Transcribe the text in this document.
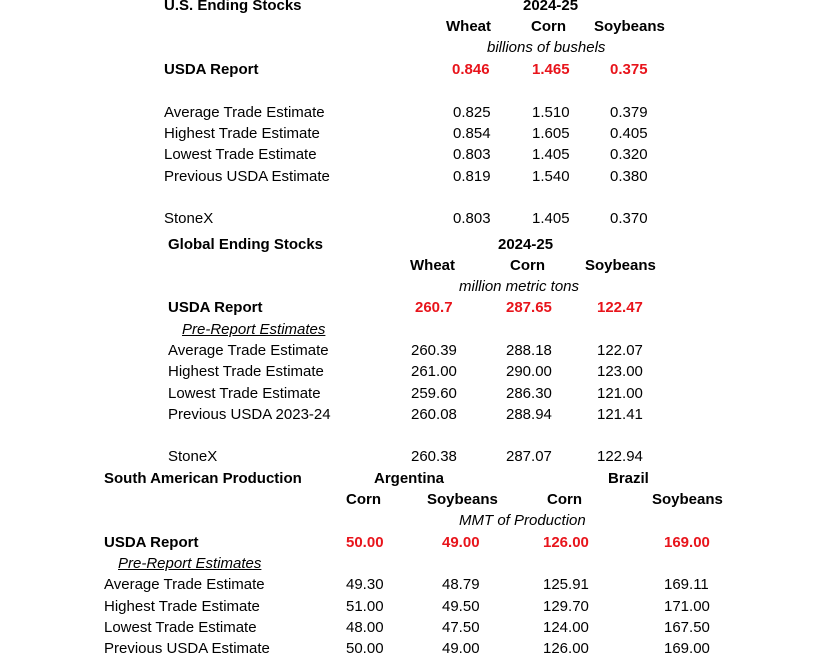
U.S. Ending Stocks	2024-25
Wheat	Corn Soybeans
billions of bushels
USDA Report	0.846	1.465	0.375
Average Trade Estimate	0.825	1.510	0.379
Highest Trade Estimate	0.854	1.605	0.405
Lowest Trade Estimate	0.803	1.405	0.320
Previous USDA Estimate	0.819	1.540	0.380
StoneX	0.803	1.405	0.370
Global Ending Stocks	2024-25
Wheat	Corn	Soybeans
million metric tons
USDA Report	260.7	287.65	122.47
Pre-Report Estimates
Average Trade Estimate	260.39	288.18	122.07
Highest Trade Estimate	261.00	290.00	123.00
Lowest Trade Estimate	259.60	286.30	121.00
Previous USDA 2023-24	260.08	288.94	121.41
StoneX	260.38	287.07	122.94
South American Production	Argentina	Brazil
Corn	Soybeans	Corn	Soybeans
MMT of Production
USDA Report	50.00	49.00	126.00	169.00
Pre-Report Estimates
Average Trade Estimate	49.30	48.79	125.91	169.11
Highest Trade Estimate	51.00	49.50	129.70	171.00
Lowest Trade Estimate	48.00	47.50	124.00	167.50
Previous USDA Estimate	50.00	49.00	126.00	169.00
